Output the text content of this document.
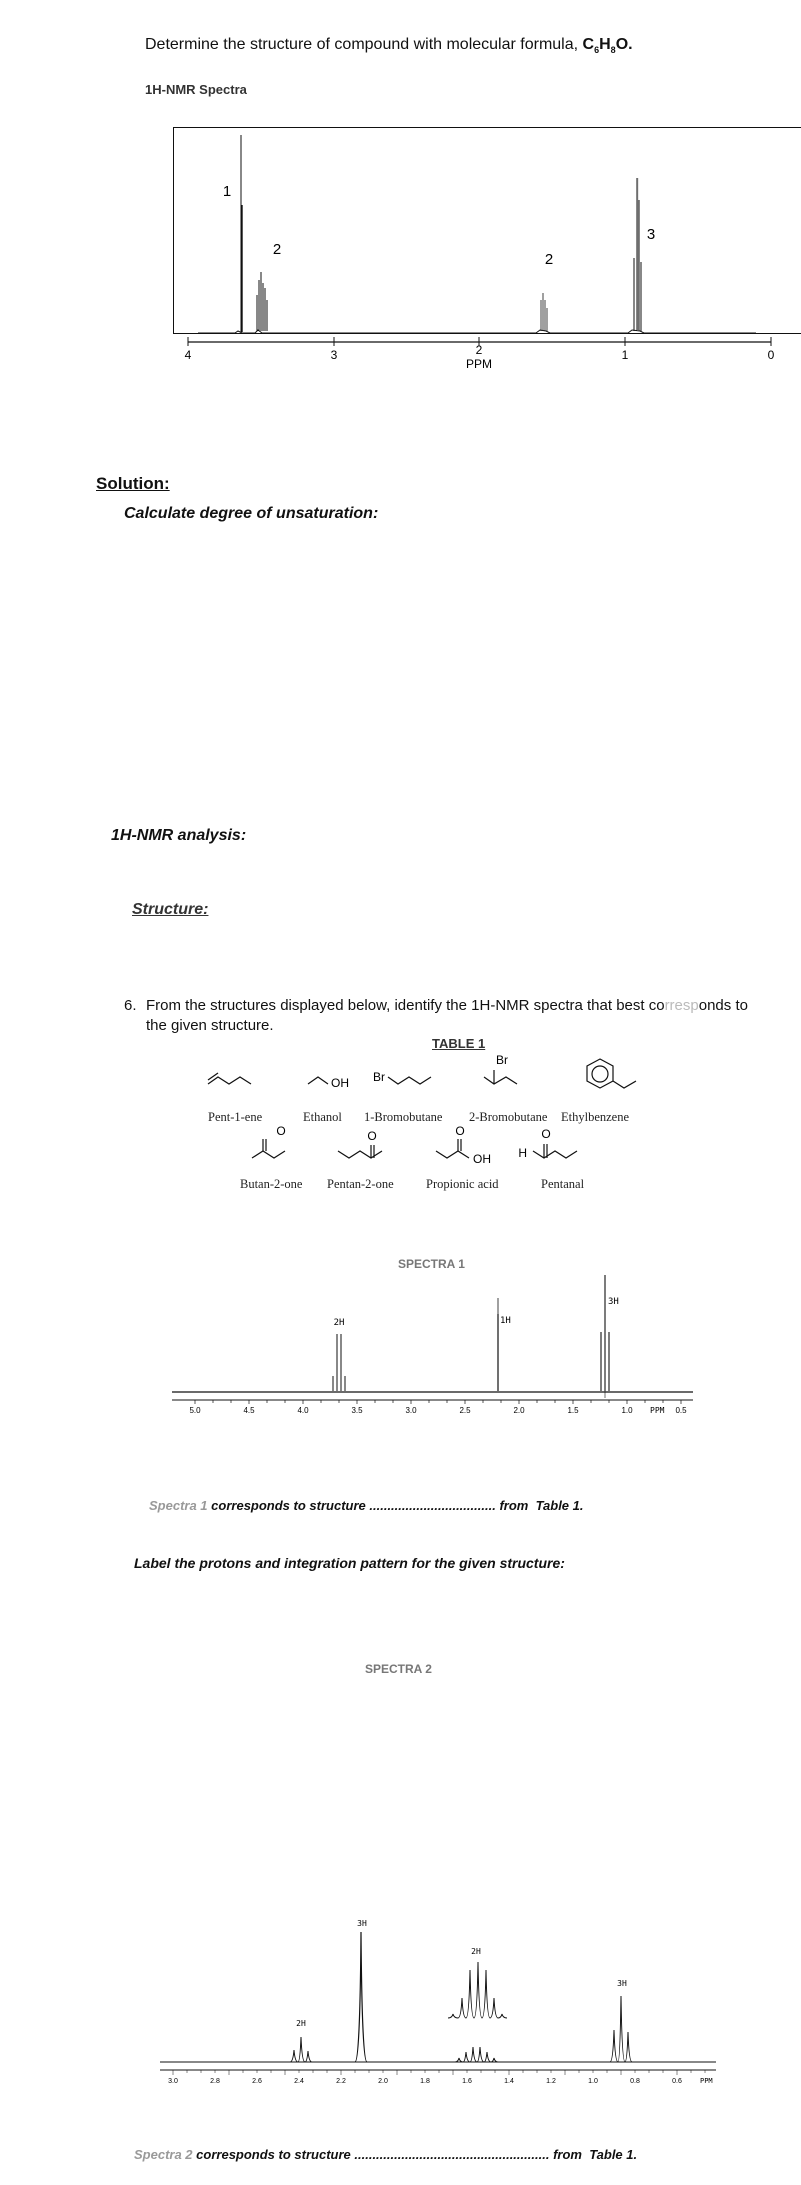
Determine the structure of compound with molecular formula, $C_6H_8O$.
1H-NMR Spectra
4	3	2	1	0
PPM
1
2
2
3
Solution:
Calculate degree of unsaturation:
1H-NMR analysis:
Structure:
6. From the structures displayed below, identify the 1H-NMR spectra that best corresponds to
the given structure.
TABLE 1
OH Br
Br
O	O	O
OH
O
H
Pent-1-ene	Ethanol 1-Bromobutane 2-Bromobutane Ethylbenzene
Butan-2-one Pentan-2-one	Propionic acid	Pentanal
SPECTRA 1
5.0	4.5	4.0	3.5	3.0	2.5	2.0	1.5	1.0	0.5
PPM
2H	1H
3H
Spectra 1 corresponds to structure ................................... from Table 1.
Label the protons and integration pattern for the given structure:
SPECTRA 2
3.0	2.8	2.6	2.4	2.2	2.0	1.8	1.6	1.4	1.2	1.0	0.8	0.6	PPM
2H
3H
2H
3H
Spectra 2 corresponds to structure ...................................................... from Table 1.
